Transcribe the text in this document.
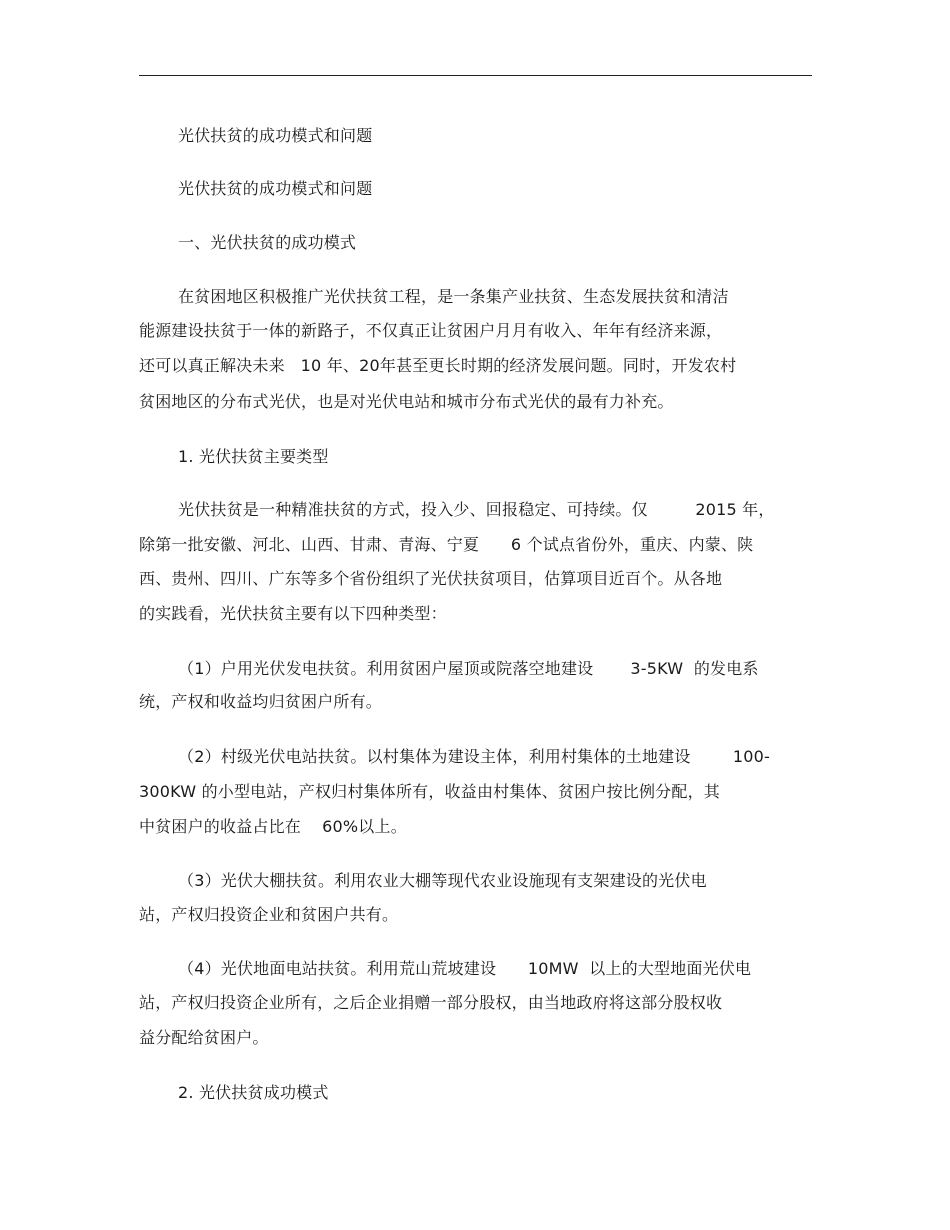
光伏扶贫的成功模式和问题
光伏扶贫的成功模式和问题
一、光伏扶贫的成功模式
在贫困地区积极推广光伏扶贫工程，是一条集产业扶贫、生态发展扶贫和清洁
能源建设扶贫于一体的新路子，不仅真正让贫困户月月有收入、年年有经济来源，
还可以真正解决未来   10 年、20年甚至更长时期的经济发展问题。同时，开发农村
贫困地区的分布式光伏，也是对光伏电站和城市分布式光伏的最有力补充。
1. 光伏扶贫主要类型
光伏扶贫是一种精准扶贫的方式，投入少、回报稳定、可持续。仅         2015 年，
除第一批安徽、河北、山西、甘肃、青海、宁夏      6 个试点省份外，重庆、内蒙、陕
西、贵州、四川、广东等多个省份组织了光伏扶贫项目，估算项目近百个。从各地
的实践看，光伏扶贫主要有以下四种类型：
（1）户用光伏发电扶贫。利用贫困户屋顶或院落空地建设       3-5KW  的发电系
统，产权和收益均归贫困户所有。
（2）村级光伏电站扶贫。以村集体为建设主体，利用村集体的土地建设        100-
300KW 的小型电站，产权归村集体所有，收益由村集体、贫困户按比例分配，其
中贫困户的收益占比在    60%以上。
（3）光伏大棚扶贫。利用农业大棚等现代农业设施现有支架建设的光伏电
站，产权归投资企业和贫困户共有。
（4）光伏地面电站扶贫。利用荒山荒坡建设      10MW  以上的大型地面光伏电
站，产权归投资企业所有，之后企业捐赠一部分股权，由当地政府将这部分股权收
益分配给贫困户。
2. 光伏扶贫成功模式
